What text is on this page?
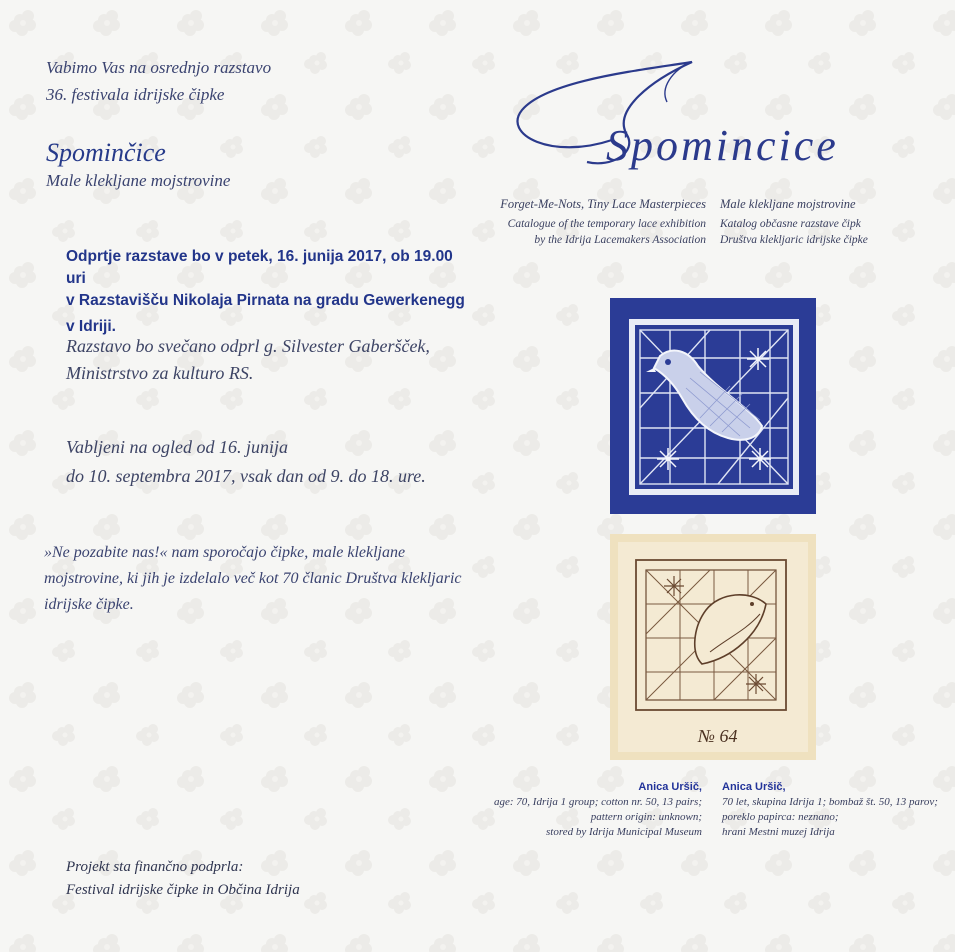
Vabimo Vas na osrednjo razstavo
36. festivala idrijske čipke
Spominčice
Male klekljane mojstrovine
Odprtje razstave bo v petek, 16. junija 2017, ob 19.00 uri
v Razstavišču Nikolaja Pirnata na gradu Gewerkenegg
v Idriji.
Razstavo bo svečano odprl g. Silvester Gaberšček,
Ministrstvo za kulturo RS.
Vabljeni na ogled od 16. junija
do 10. septembra 2017, vsak dan od 9. do 18. ure.
»Ne pozabite nas!« nam sporočajo čipke, male klekljane
mojstrovine, ki jih je izdelalo več kot 70 članic Društva klekljaric
idrijske čipke.
Projekt sta finančno podprla:
Festival idrijske čipke in Občina Idrija
Spomincice
Forget-Me-Nots, Tiny Lace Masterpieces
Catalogue of the temporary lace exhibition
by the Idrija Lacemakers Association
Male klekljane mojstrovine
Katalog občasne razstave čipk
Društva klekljaric idrijske čipke
№ 64
Anica Uršič,
age: 70, Idrija 1 group; cotton nr. 50, 13 pairs;
pattern origin: unknown;
stored by Idrija Municipal Museum
Anica Uršič,
70 let, skupina Idrija 1; bombaž št. 50, 13 parov;
poreklo papirca: neznano;
hrani Mestni muzej Idrija
